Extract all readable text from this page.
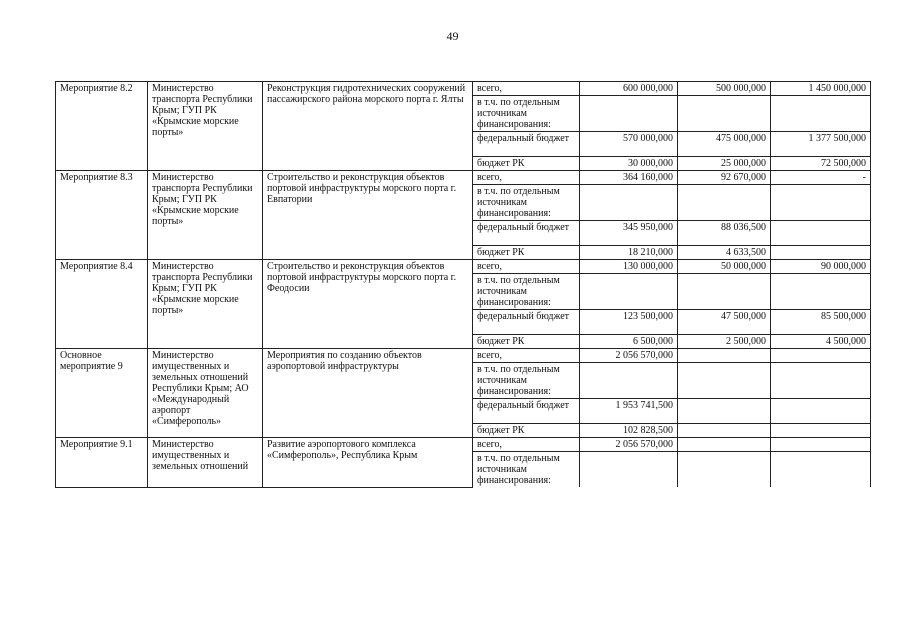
49
Мероприятие 8.2	Министерство транспорта Республики Крым; ГУП РК «Крымские морские порты»	Реконструкция гидротехнических сооружений пассажирского района морского порта г. Ялты	всего,	600 000,000	500 000,000	1 450 000,000
			в т.ч. по отдельным источникам финансирования:			
			федеральный бюджет	570 000,000	475 000,000	1 377 500,000
			бюджет РК	30 000,000	25 000,000	72 500,000
Мероприятие 8.3	Министерство транспорта Республики Крым; ГУП РК «Крымские морские порты»	Строительство и реконструкция объектов портовой инфраструктуры морского порта г. Евпатории	всего,	364 160,000	92 670,000	-
			в т.ч. по отдельным источникам финансирования:			
			федеральный бюджет	345 950,000	88 036,500	
			бюджет РК	18 210,000	4 633,500	
Мероприятие 8.4	Министерство транспорта Республики Крым; ГУП РК «Крымские морские порты»	Строительство и реконструкция объектов портовой инфраструктуры морского порта г. Феодосии	всего,	130 000,000	50 000,000	90 000,000
			в т.ч. по отдельным источникам финансирования:			
			федеральный бюджет	123 500,000	47 500,000	85 500,000
			бюджет РК	6 500,000	2 500,000	4 500,000
Основное мероприятие 9	Министерство имущественных и земельных отношений Республики Крым; АО «Международный аэропорт «Симферополь»	Мероприятия по созданию объектов аэропортовой инфраструктуры	всего,	2 056 570,000		
			в т.ч. по отдельным источникам финансирования:			
			федеральный бюджет	1 953 741,500		
			бюджет РК	102 828,500		
Мероприятие 9.1	Министерство имущественных и земельных отношений	Развитие аэропортового комплекса «Симферополь», Республика Крым	всего,	2 056 570,000		
			в т.ч. по отдельным источникам финансирования:			
